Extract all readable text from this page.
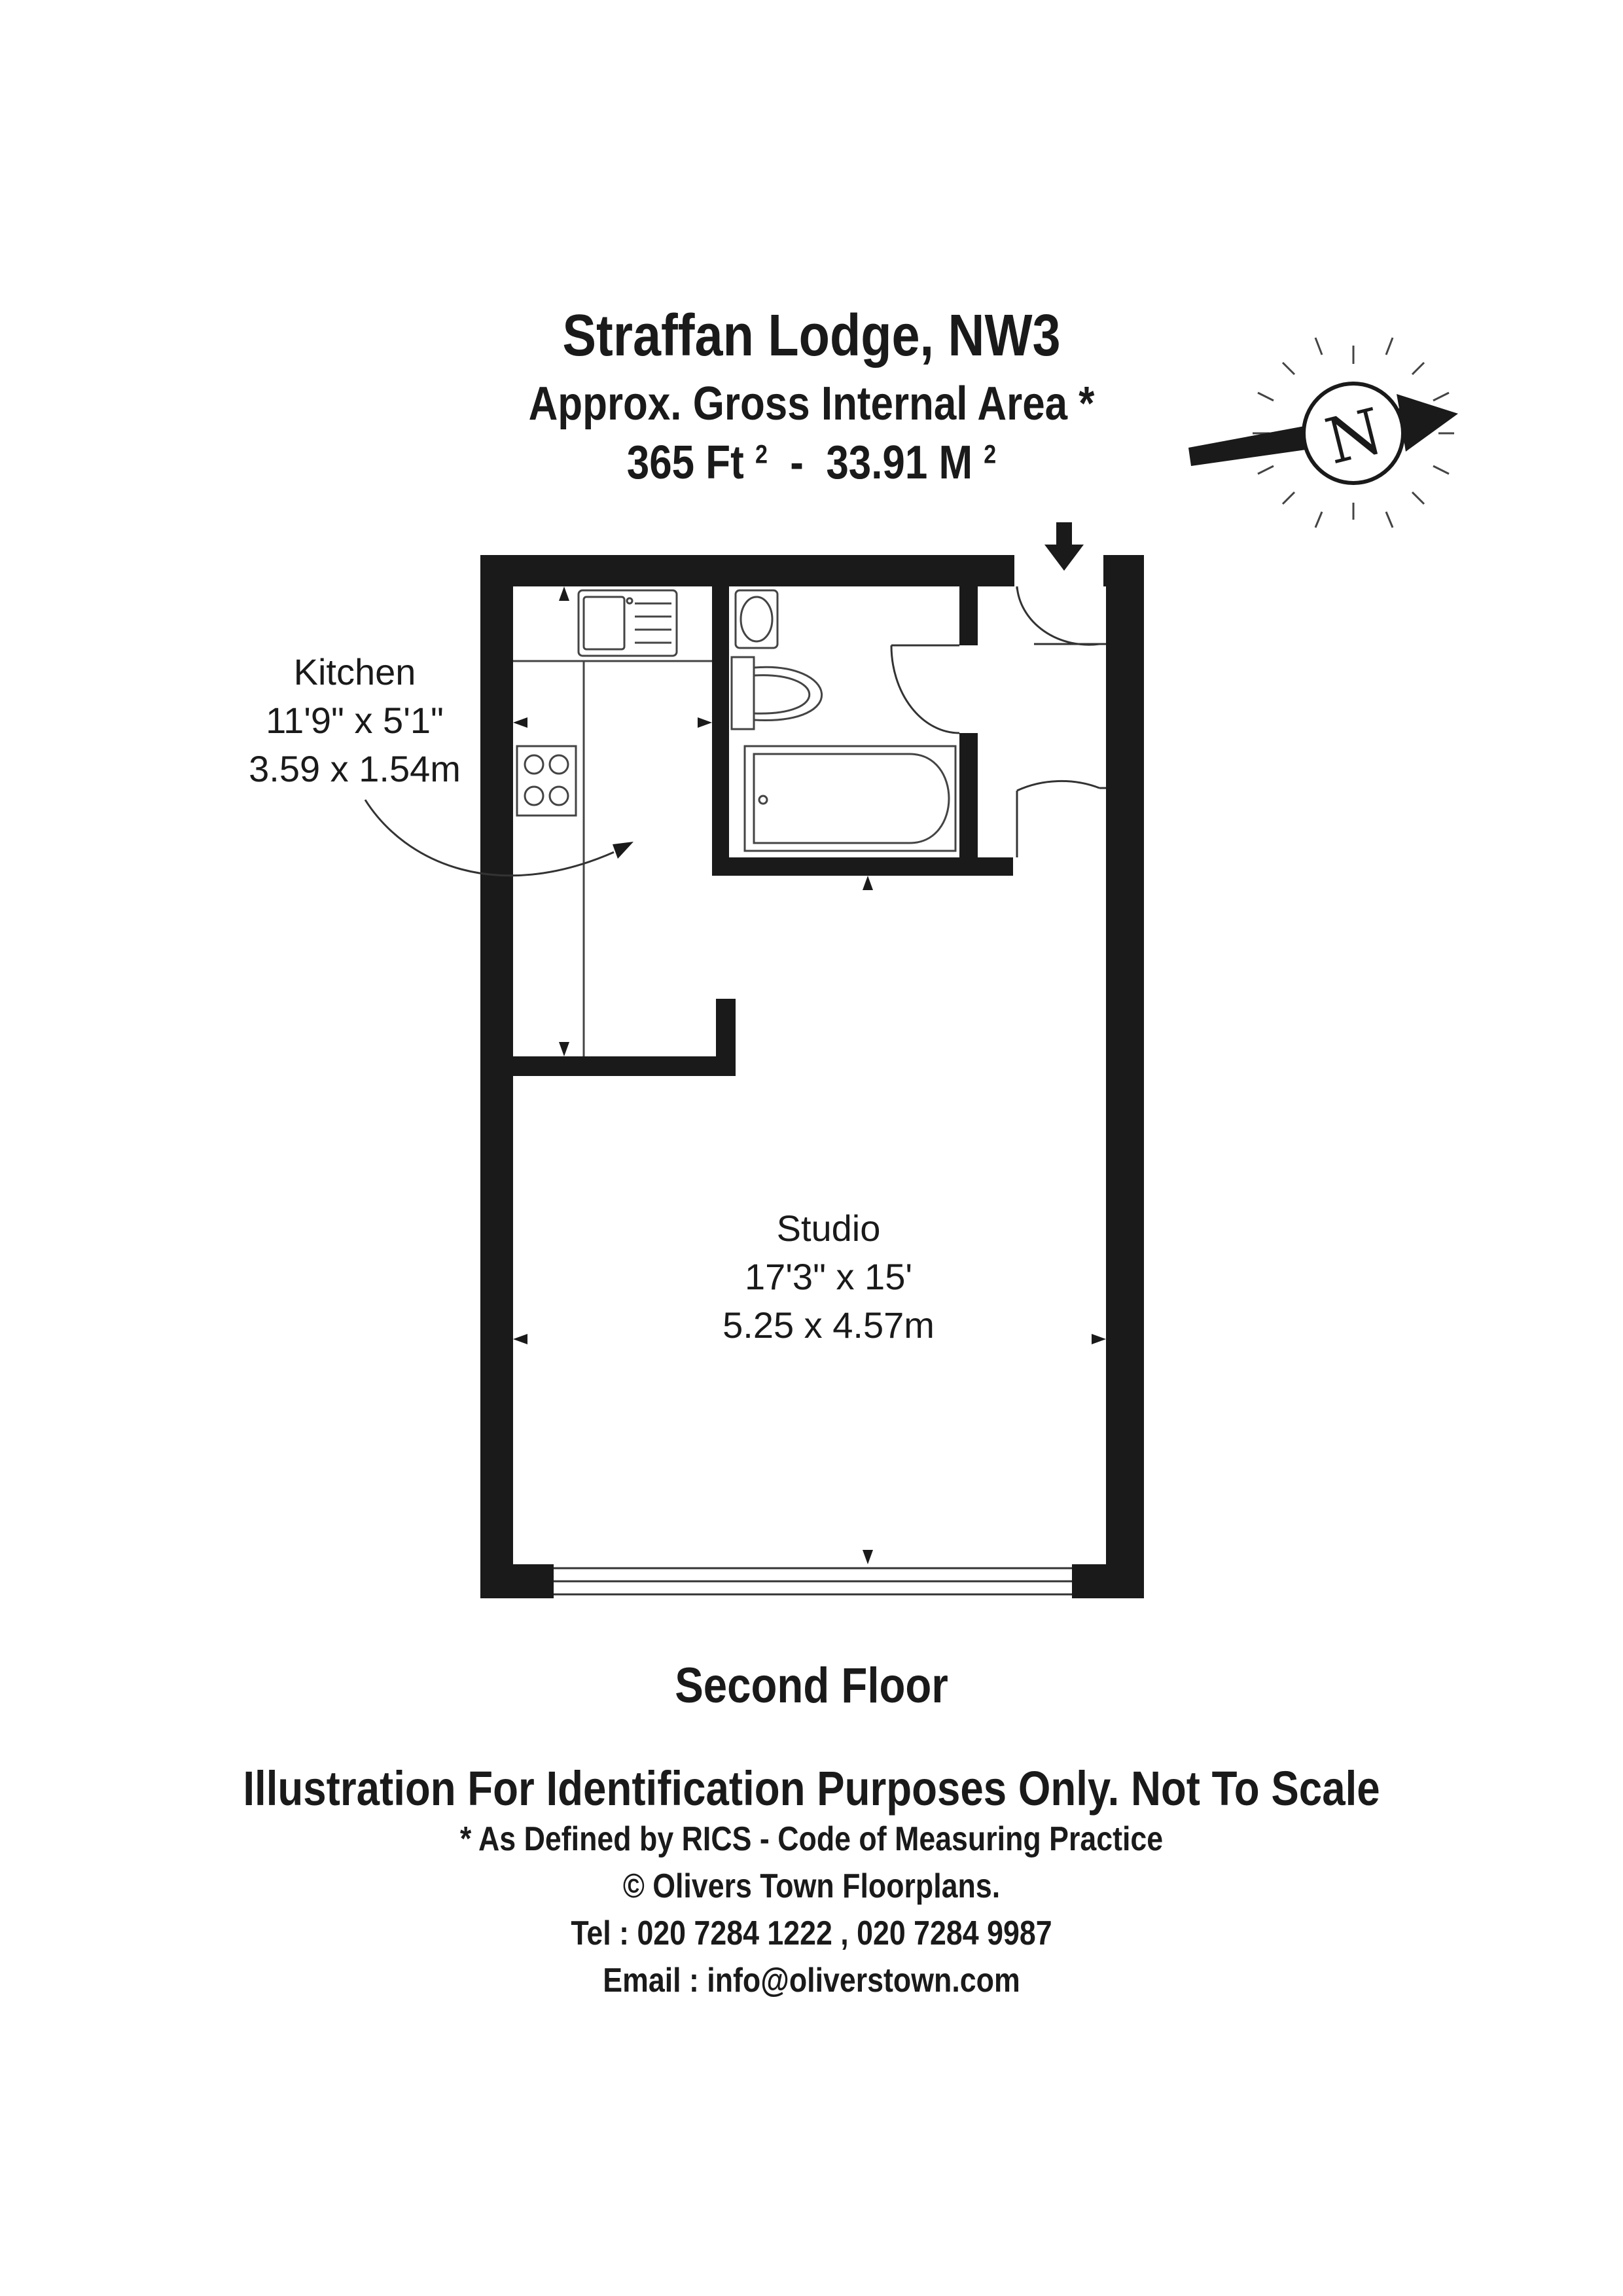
Straffan Lodge, NW3
Approx. Gross Internal Area *
365 Ft $^2$ - 33.91 M $^2$	N
Kitchen
11'9" x 5'1"
3.59 x 1.54m
Studio
17'3" x 15'
5.25 x 4.57m
Second Floor
Illustration For Identification Purposes Only. Not To Scale
* As Defined by RICS - Code of Measuring Practice
© Olivers Town Floorplans.
Tel : 020 7284 1222 , 020 7284 9987
Email : info@oliverstown.com
